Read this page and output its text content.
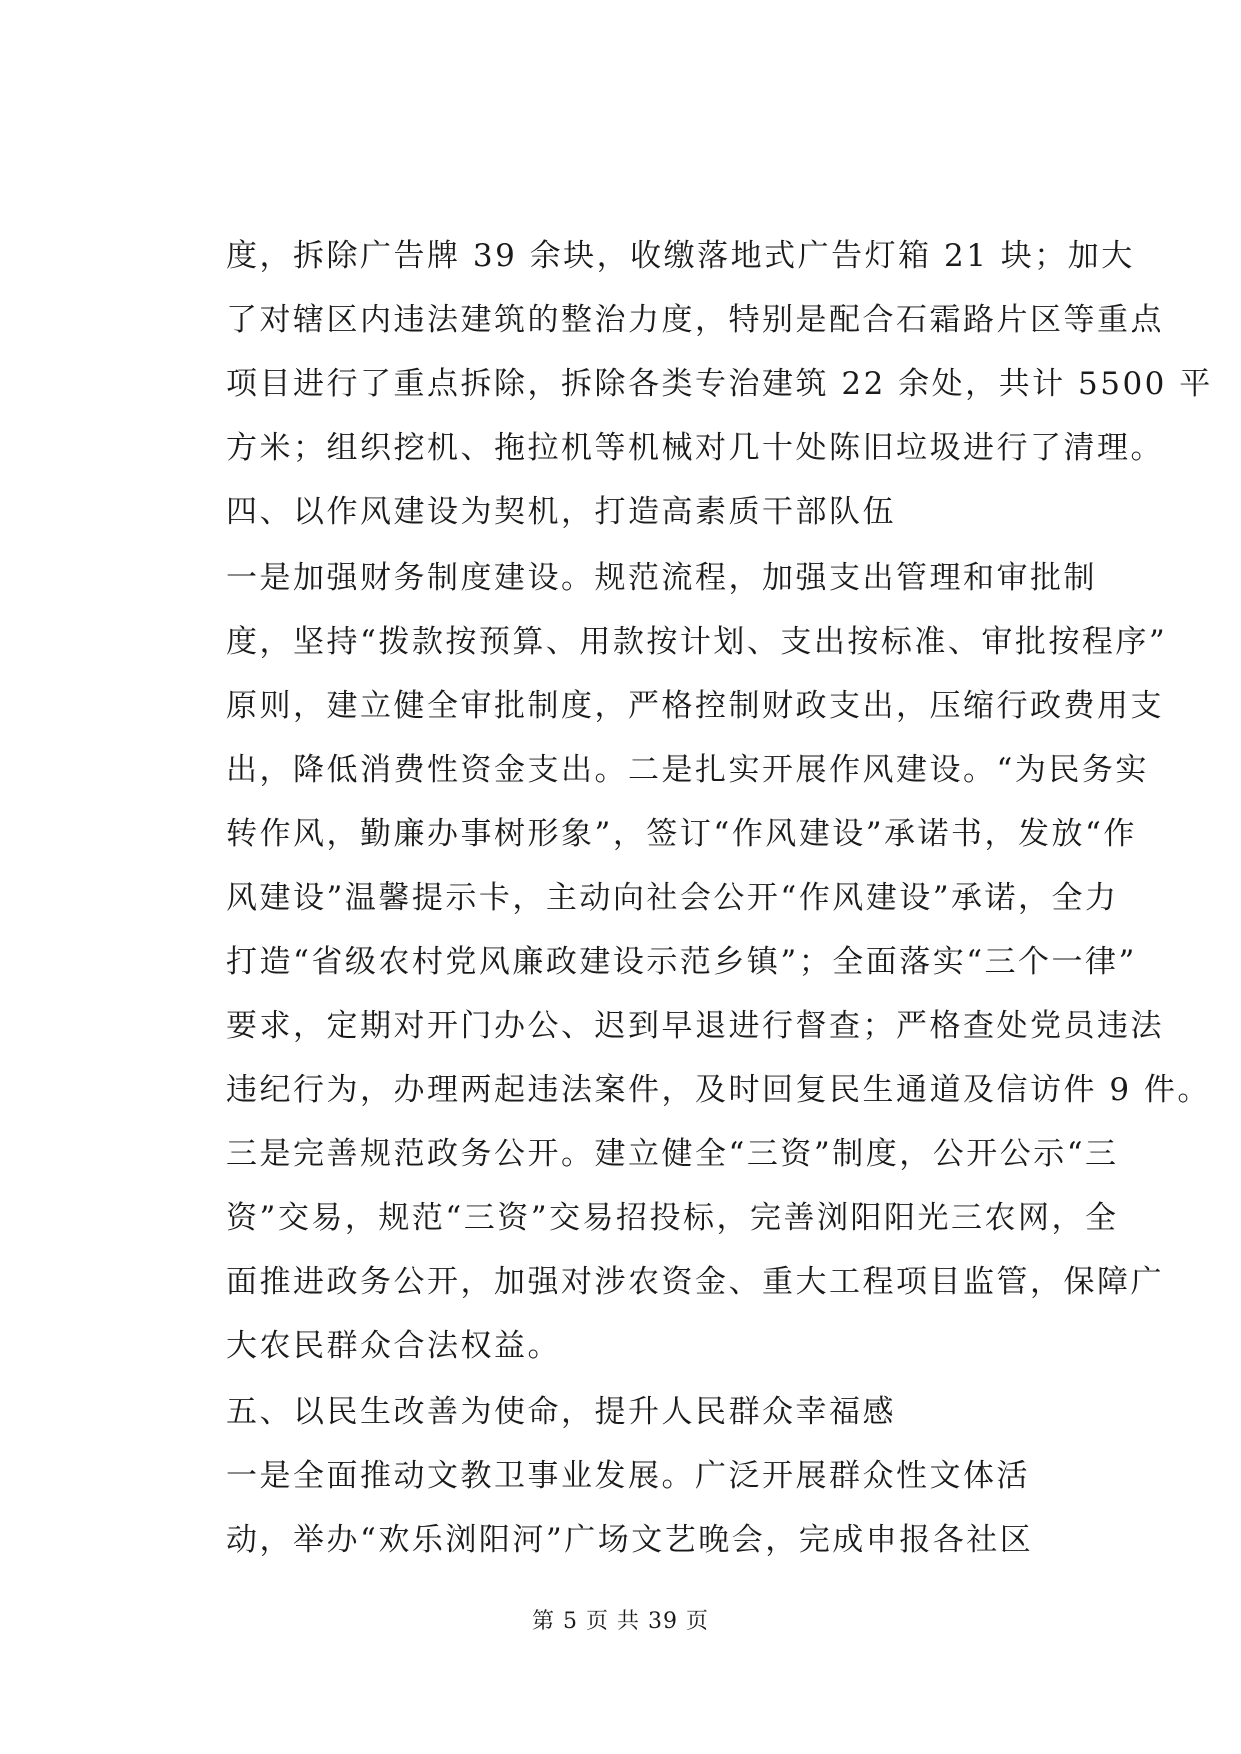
度，拆除广告牌 39 余块，收缴落地式广告灯箱 21 块；加大
了对辖区内违法建筑的整治力度，特别是配合石霜路片区等重点
项目进行了重点拆除，拆除各类专治建筑 22 余处，共计 5500 平
方米；组织挖机、拖拉机等机械对几十处陈旧垃圾进行了清理。
四、以作风建设为契机，打造高素质干部队伍
一是加强财务制度建设。规范流程，加强支出管理和审批制
度，坚持“拨款按预算、用款按计划、支出按标准、审批按程序”
原则，建立健全审批制度，严格控制财政支出，压缩行政费用支
出，降低消费性资金支出。二是扎实开展作风建设。“为民务实
转作风，勤廉办事树形象”，签订“作风建设”承诺书，发放“作
风建设”温馨提示卡，主动向社会公开“作风建设”承诺，全力
打造“省级农村党风廉政建设示范乡镇”；全面落实“三个一律”
要求，定期对开门办公、迟到早退进行督查；严格查处党员违法
违纪行为，办理两起违法案件，及时回复民生通道及信访件 9 件。
三是完善规范政务公开。建立健全“三资”制度，公开公示“三
资”交易，规范“三资”交易招投标，完善浏阳阳光三农网，全
面推进政务公开，加强对涉农资金、重大工程项目监管，保障广
大农民群众合法权益。
五、以民生改善为使命，提升人民群众幸福感
一是全面推动文教卫事业发展。广泛开展群众性文体活
动，举办“欢乐浏阳河”广场文艺晚会，完成申报各社区
第 5 页 共 39 页
